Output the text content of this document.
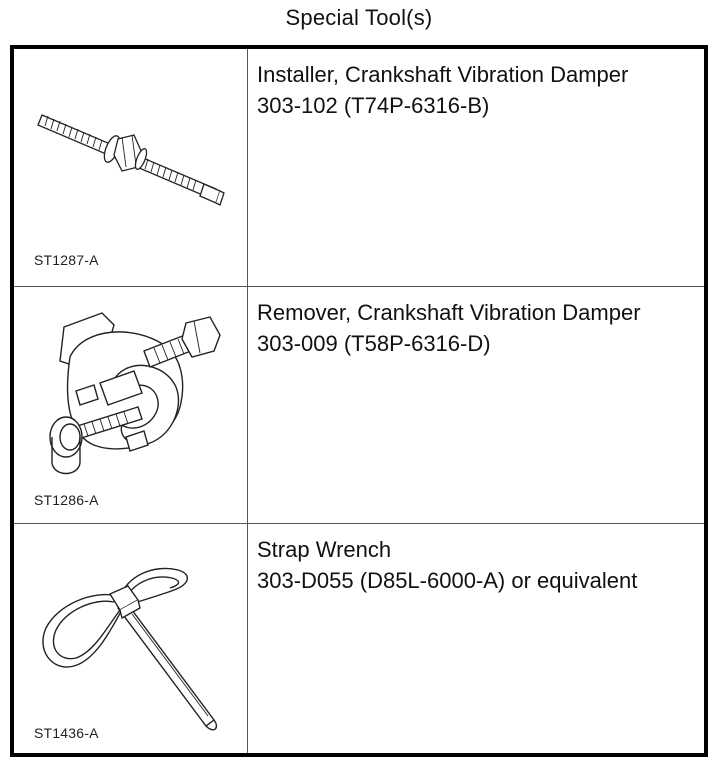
Special Tool(s)
ST1287-A
Installer, Crankshaft Vibration Damper
303-102 (T74P-6316-B)
ST1286-A
Remover, Crankshaft Vibration Damper
303-009 (T58P-6316-D)
ST1436-A
Strap Wrench
303-D055 (D85L-6000-A) or equivalent
